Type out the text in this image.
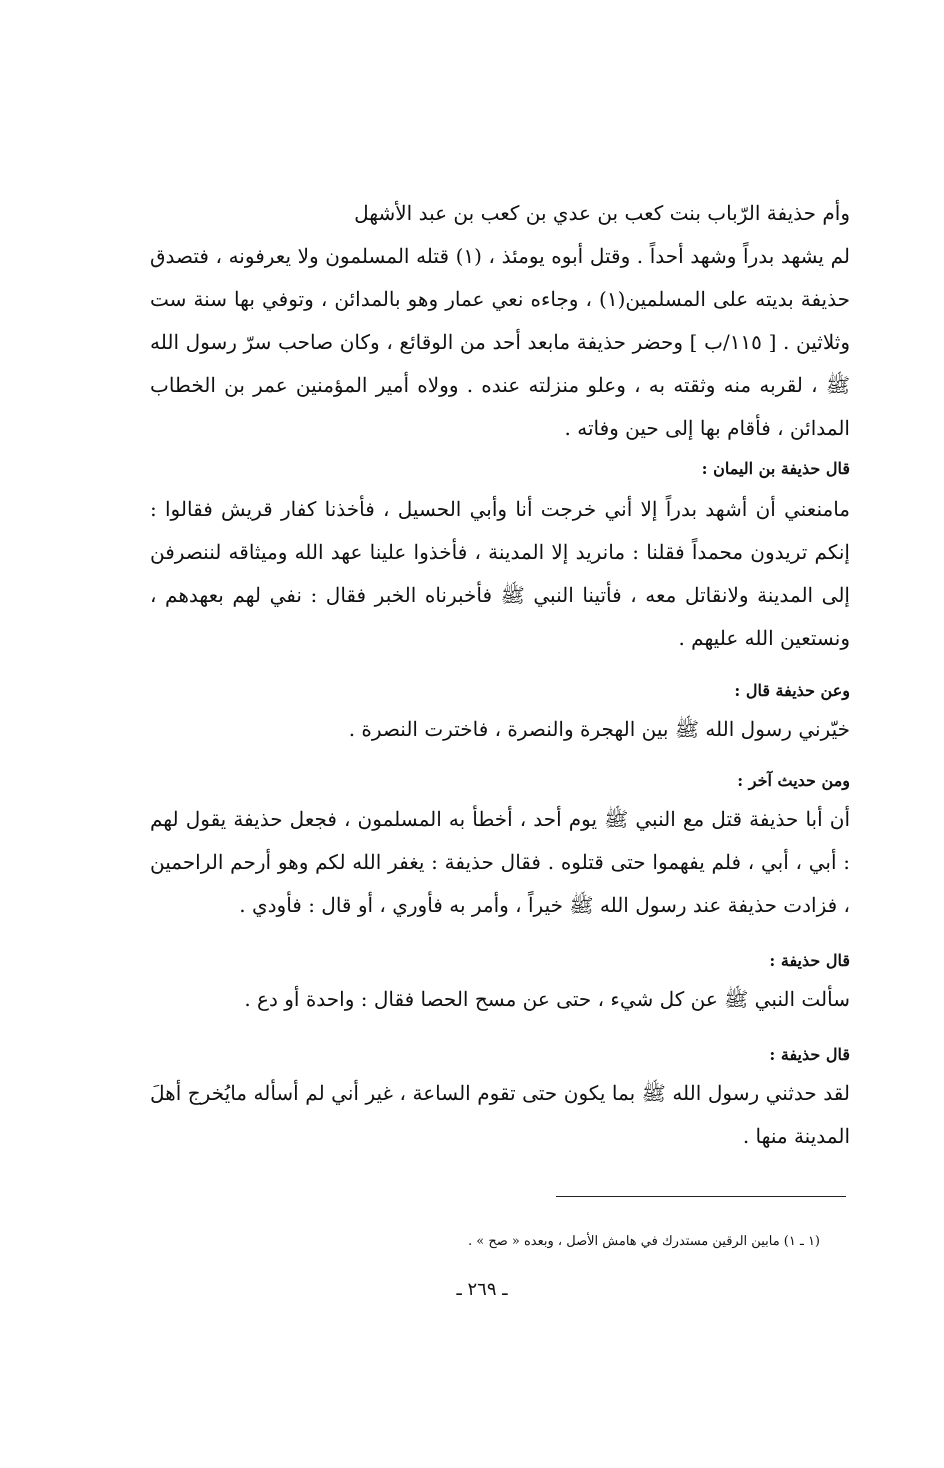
وأم حذيفة الرّباب بنت كعب بن عدي بن كعب بن عبد الأشهل

لم يشهد بدراً وشهد أحداً . وقتل أبوه يومئذ ، (١) قتله المسلمون ولا يعرفونه ، فتصدق حذيفة بديته على المسلمين(١) ، وجاءه نعي عمار وهو بالمدائن ، وتوفي بها سنة ست وثلاثين . [ ١١٥/ب ] وحضر حذيفة مابعد أحد من الوقائع ، وكان صاحب سرّ رسول الله ﷺ ، لقربه منه وثقته به ، وعلو منزلته عنده . وولاه أمير المؤمنين عمر بن الخطاب المدائن ، فأقام بها إلى حين وفاته .

قال حذيفة بن اليمان :

مامنعني أن أشهد بدراً إلا أني خرجت أنا وأبي الحسيل ، فأخذنا كفار قريش فقالوا : إنكم تريدون محمداً فقلنا : مانريد إلا المدينة ، فأخذوا علينا عهد الله وميثاقه لننصرفن إلى المدينة ولانقاتل معه ، فأتينا النبي ﷺ فأخبرناه الخبر فقال : نفي لهم بعهدهم ، ونستعين الله عليهم .

وعن حذيفة قال :

خيّرني رسول الله ﷺ بين الهجرة والنصرة ، فاخترت النصرة .

ومن حديث آخر :

أن أبا حذيفة قتل مع النبي ﷺ يوم أحد ، أخطأ به المسلمون ، فجعل حذيفة يقول لهم : أبي ، أبي ، فلم يفهموا حتى قتلوه . فقال حذيفة : يغفر الله لكم وهو أرحم الراحمين ، فزادت حذيفة عند رسول الله ﷺ خيراً ، وأمر به فأوري ، أو قال : فأودي .

قال حذيفة :

سألت النبي ﷺ عن كل شيء ، حتى عن مسح الحصا فقال : واحدة أو دع .

قال حذيفة :

لقد حدثني رسول الله ﷺ بما يكون حتى تقوم الساعة ، غير أني لم أسأله مايُخرج أهلَ المدينة منها .

(١ ـ ١) مابين الرقين مستدرك في هامش الأصل ، وبعده « صح » .
ـ ٢٦٩ ـ
